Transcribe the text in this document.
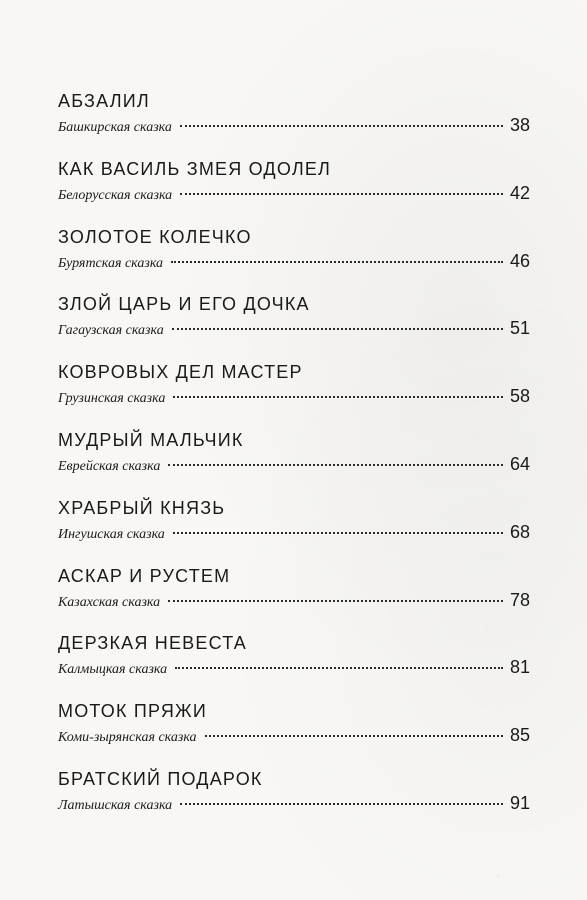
АБЗАЛИЛ
Башкирская сказка	38
КАК ВАСИЛЬ ЗМЕЯ ОДОЛЕЛ
Белорусская сказка	42
ЗОЛОТОЕ КОЛЕЧКО
Бурятская сказка	46
ЗЛОЙ ЦАРЬ И ЕГО ДОЧКА
Гагаузская сказка	51
КОВРОВЫХ ДЕЛ МАСТЕР
Грузинская сказка	58
МУДРЫЙ МАЛЬЧИК
Еврейская сказка	64
ХРАБРЫЙ КНЯЗЬ
Ингушская сказка	68
АСКАР И РУСТЕМ
Казахская сказка	78
ДЕРЗКАЯ НЕВЕСТА
Калмыцкая сказка	81
МОТОК ПРЯЖИ
Коми-зырянская сказка	85
БРАТСКИЙ ПОДАРОК
Латышская сказка	91
·
